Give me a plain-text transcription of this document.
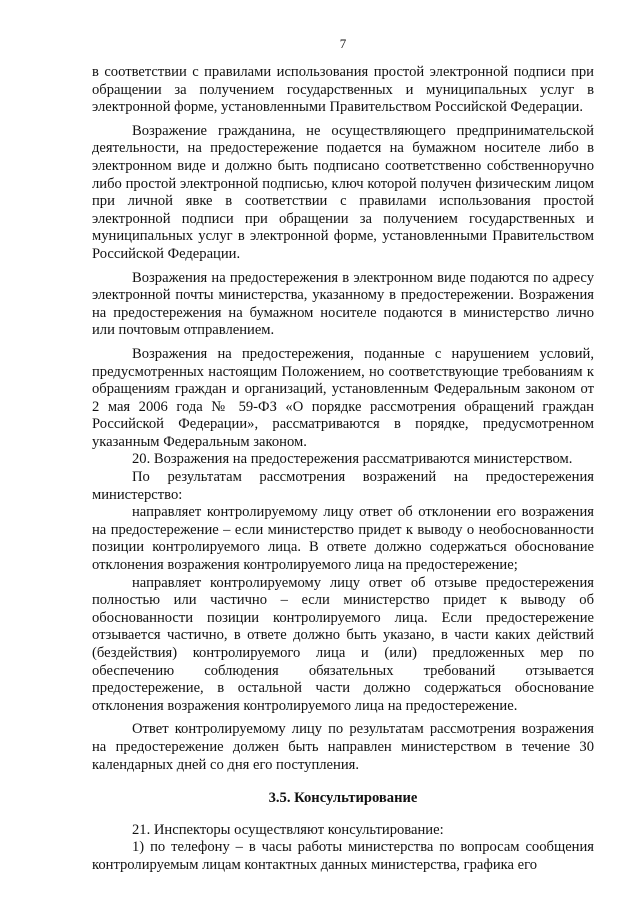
7

в соответствии с правилами использования простой электронной подписи при обращении за получением государственных и муниципальных услуг в электронной форме, установленными Правительством Российской Федерации.

Возражение гражданина, не осуществляющего предпринимательской деятельности, на предостережение подается на бумажном носителе либо в электронном виде и должно быть подписано соответственно собственноручно либо простой электронной подписью, ключ которой получен физическим лицом при личной явке в соответствии с правилами использования простой электронной подписи при обращении за получением государственных и муниципальных услуг в электронной форме, установленными Правительством Российской Федерации.

Возражения на предостережения в электронном виде подаются по адресу электронной почты министерства, указанному в предостережении. Возражения на предостережения на бумажном носителе подаются в министерство лично или почтовым отправлением.

Возражения на предостережения, поданные с нарушением условий, предусмотренных настоящим Положением, но соответствующие требованиям к обращениям граждан и организаций, установленным Федеральным законом от 2 мая 2006 года № 59-ФЗ «О порядке рассмотрения обращений граждан Российской Федерации», рассматриваются в порядке, предусмотренном указанным Федеральным законом.

20. Возражения на предостережения рассматриваются министерством.

По результатам рассмотрения возражений на предостережения министерство:

направляет контролируемому лицу ответ об отклонении его возражения на предостережение – если министерство придет к выводу о необоснованности позиции контролируемого лица. В ответе должно содержаться обоснование отклонения возражения контролируемого лица на предостережение;

направляет контролируемому лицу ответ об отзыве предостережения полностью или частично – если министерство придет к выводу об обоснованности позиции контролируемого лица. Если предостережение отзывается частично, в ответе должно быть указано, в части каких действий (бездействия) контролируемого лица и (или) предложенных мер по обеспечению соблюдения обязательных требований отзывается предостережение, в остальной части должно содержаться обоснование отклонения возражения контролируемого лица на предостережение.

Ответ контролируемому лицу по результатам рассмотрения возражения на предостережение должен быть направлен министерством в течение 30 календарных дней со дня его поступления.

3.5. Консультирование

21. Инспекторы осуществляют консультирование:

1) по телефону – в часы работы министерства по вопросам сообщения контролируемым лицам контактных данных министерства, графика его
